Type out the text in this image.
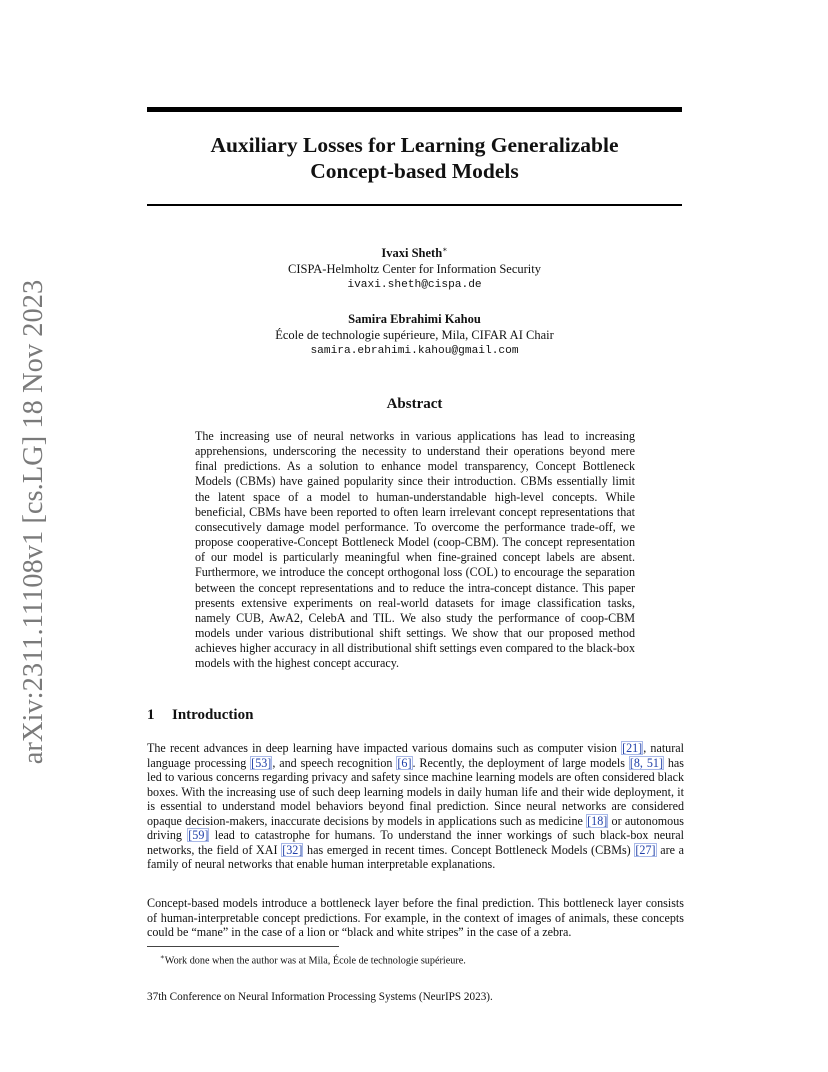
arXiv:2311.11108v1 [cs.LG] 18 Nov 2023
Auxiliary Losses for Learning Generalizable
Concept-based Models
Ivaxi Sheth∗
CISPA-Helmholtz Center for Information Security
ivaxi.sheth@cispa.de
Samira Ebrahimi Kahou
École de technologie supérieure, Mila, CIFAR AI Chair
samira.ebrahimi.kahou@gmail.com
Abstract

The increasing use of neural networks in various applications has lead to increasing apprehensions, underscoring the necessity to understand their operations beyond mere final predictions. As a solution to enhance model transparency, Concept Bottleneck Models (CBMs) have gained popularity since their introduction. CBMs essentially limit the latent space of a model to human-understandable high-level concepts. While beneficial, CBMs have been reported to often learn irrelevant concept representations that consecutively damage model performance. To overcome the performance trade-off, we propose cooperative-Concept Bottleneck Model (coop-CBM). The concept representation of our model is particularly meaningful when fine-grained concept labels are absent. Furthermore, we introduce the concept orthogonal loss (COL) to encourage the separation between the concept representations and to reduce the intra-concept distance. This paper presents extensive experiments on real-world datasets for image classification tasks, namely CUB, AwA2, CelebA and TIL. We also study the performance of coop-CBM models under various distributional shift settings. We show that our proposed method achieves higher accuracy in all distributional shift settings even compared to the black-box models with the highest concept accuracy.

1 Introduction

The recent advances in deep learning have impacted various domains such as computer vision [21], natural language processing [53], and speech recognition [6]. Recently, the deployment of large models [8, 51] has led to various concerns regarding privacy and safety since machine learning models are often considered black boxes. With the increasing use of such deep learning models in daily human life and their wide deployment, it is essential to understand model behaviors beyond final prediction. Since neural networks are considered opaque decision-makers, inaccurate decisions by models in applications such as medicine [18] or autonomous driving [59] lead to catastrophe for humans. To understand the inner workings of such black-box neural networks, the field of XAI [32] has emerged in recent times. Concept Bottleneck Models (CBMs) [27] are a family of neural networks that enable human interpretable explanations.

Concept-based models introduce a bottleneck layer before the final prediction. This bottleneck layer consists of human-interpretable concept predictions. For example, in the context of images of animals, these concepts could be “mane” in the case of a lion or “black and white stripes” in the case of a zebra.

∗Work done when the author was at Mila, École de technologie supérieure.

37th Conference on Neural Information Processing Systems (NeurIPS 2023).
